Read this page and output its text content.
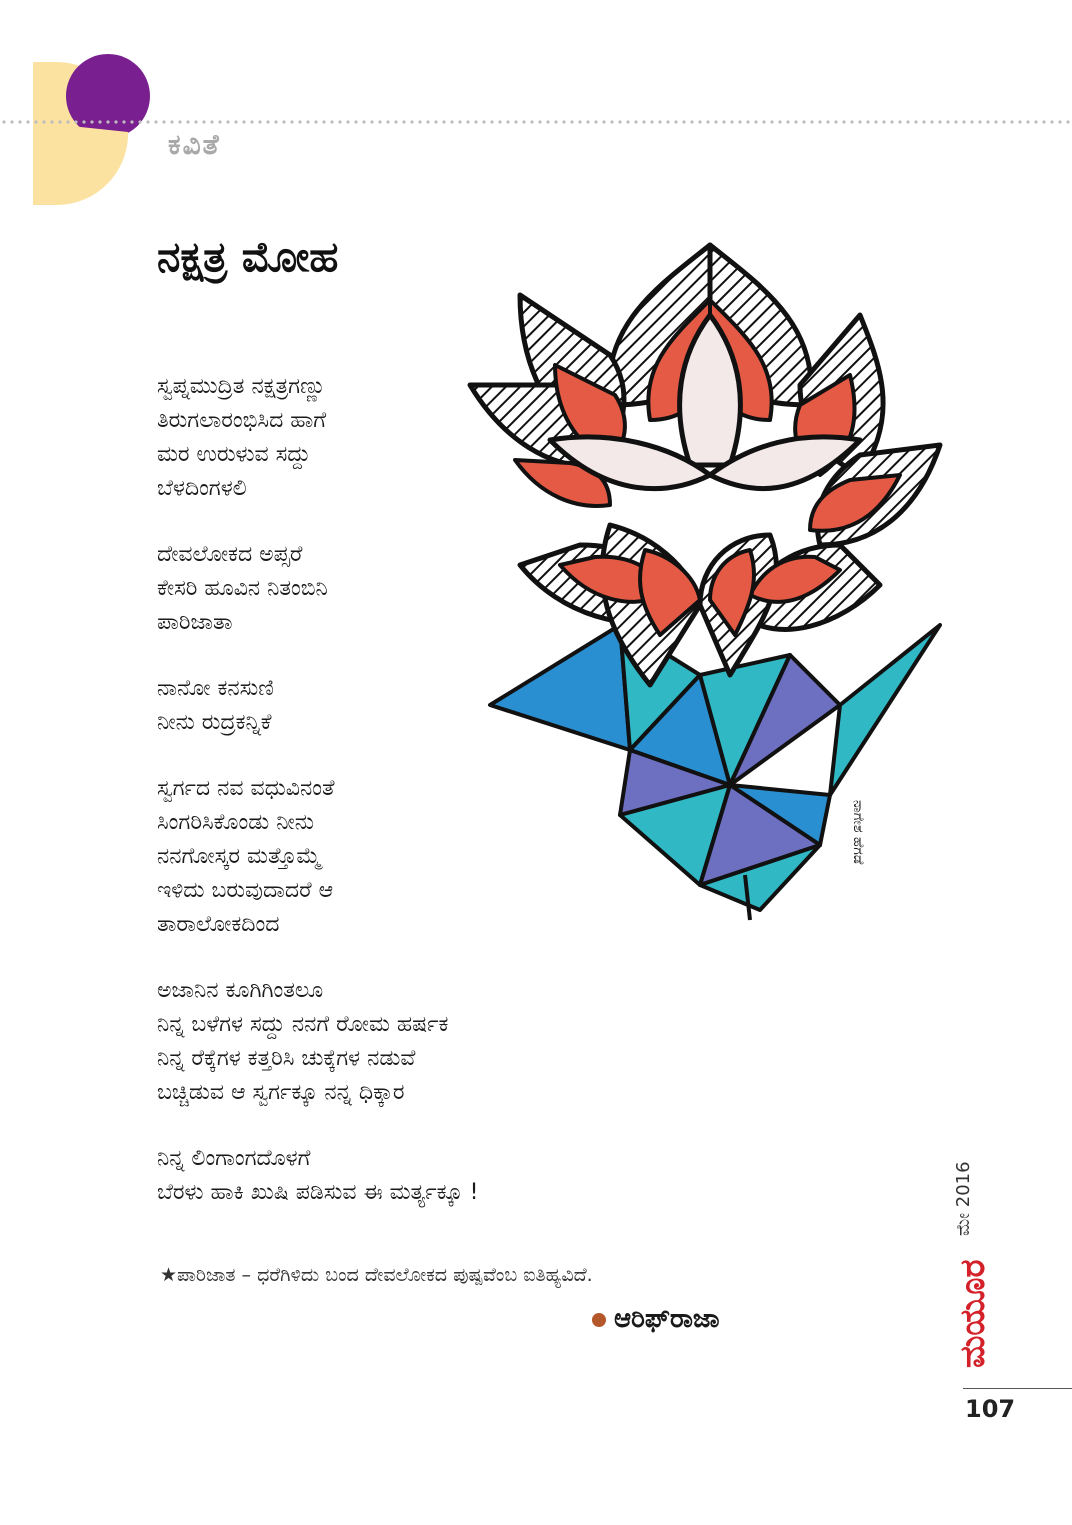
ಕವಿತೆ
ನಕ್ಷತ್ರ ಮೋಹ
ಸ್ವಪ್ನಮುದ್ರಿತ ನಕ್ಷತ್ರಗಣ್ಣು
ತಿರುಗಲಾರಂಭಿಸಿದ ಹಾಗೆ
ಮರ ಉರುಳುವ ಸದ್ದು
ಬೆಳದಿಂಗಳಲಿ
ದೇವಲೋಕದ ಅಪ್ಸರೆ
ಕೇಸರಿ ಹೂವಿನ ನಿತಂಬಿನಿ
ಪಾರಿಜಾತಾ
ನಾನೋ ಕನಸುಣಿ
ನೀನು ರುದ್ರಕನ್ನಿಕೆ
ಸ್ವರ್ಗದ ನವ ವಧುವಿನಂತೆ
ಸಿಂಗರಿಸಿಕೊಂಡು ನೀನು
ನನಗೋಸ್ಕರ ಮತ್ತೊಮ್ಮೆ
ಇಳಿದು ಬರುವುದಾದರೆ ಆ
ತಾರಾಲೋಕದಿಂದ
ಅಜಾನಿನ ಕೂಗಿಗಿಂತಲೂ
ನಿನ್ನ ಬಳೆಗಳ ಸದ್ದು ನನಗೆ ರೋಮ ಹರ್ಷಕ
ನಿನ್ನ ರೆಕ್ಕೆಗಳ ಕತ್ತರಿಸಿ ಚುಕ್ಕೆಗಳ ನಡುವೆ
ಬಚ್ಚಿಡುವ ಆ ಸ್ವರ್ಗಕ್ಕೂ ನನ್ನ ಧಿಕ್ಕಾರ
ನಿನ್ನ ಲಿಂಗಾಂಗದೊಳಗೆ
ಬೆರಳು ಹಾಕಿ ಖುಷಿ ಪಡಿಸುವ ಈ ಮರ್ತ್ಯಕ್ಕೂ !
ನಾಗೇಶ ಹೆಗಡೆ
★ಪಾರಿಜಾತ – ಧರೆಗಿಳಿದು ಬಂದ ದೇವಲೋಕದ ಪುಷ್ಪವೆಂಬ ಐತಿಹ್ಯವಿದೆ.
ಆರಿಫ್‌ರಾಜಾ
ಮೇ 2016
ಮಯೂರ
107
